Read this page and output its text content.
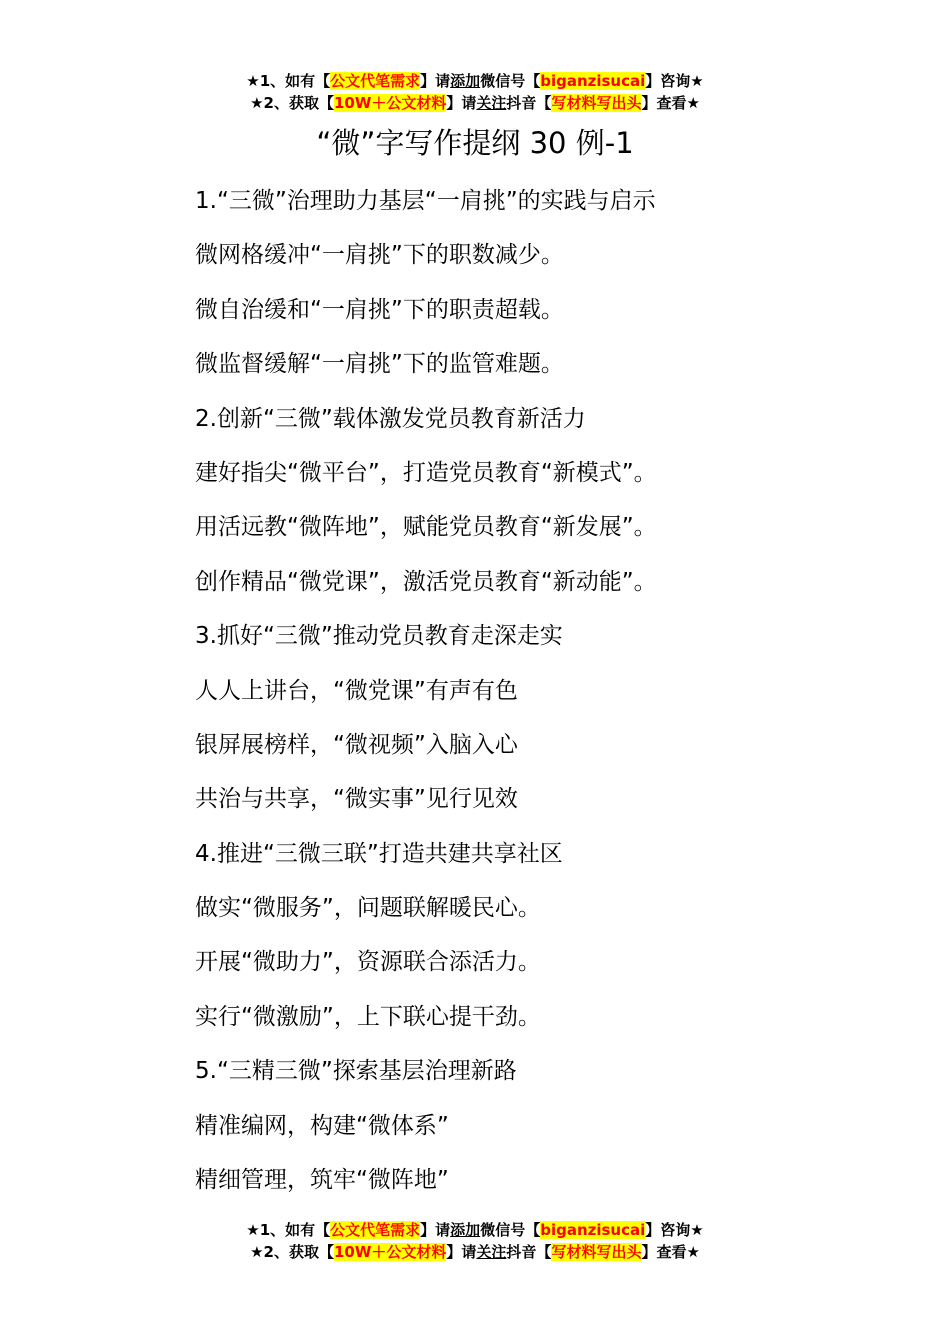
★1、如有【公文代笔需求】请添加微信号【biganzisucai】咨询★
★2、获取【10W＋公文材料】请关注抖音【写材料写出头】查看★
“微”字写作提纲 30 例-1
1.“三微”治理助力基层“一肩挑”的实践与启示
微网格缓冲“一肩挑”下的职数减少。
微自治缓和“一肩挑”下的职责超载。
微监督缓解“一肩挑”下的监管难题。
2.创新“三微”载体激发党员教育新活力
建好指尖“微平台”，打造党员教育“新模式”。
用活远教“微阵地”，赋能党员教育“新发展”。
创作精品“微党课”，激活党员教育“新动能”。
3.抓好“三微”推动党员教育走深走实
人人上讲台，“微党课”有声有色
银屏展榜样，“微视频”入脑入心
共治与共享，“微实事”见行见效
4.推进“三微三联”打造共建共享社区
做实“微服务”，问题联解暖民心。
开展“微助力”，资源联合添活力。
实行“微激励”，上下联心提干劲。
5.“三精三微”探索基层治理新路
精准编网，构建“微体系”
精细管理，筑牢“微阵地”
★1、如有【公文代笔需求】请添加微信号【biganzisucai】咨询★
★2、获取【10W＋公文材料】请关注抖音【写材料写出头】查看★
